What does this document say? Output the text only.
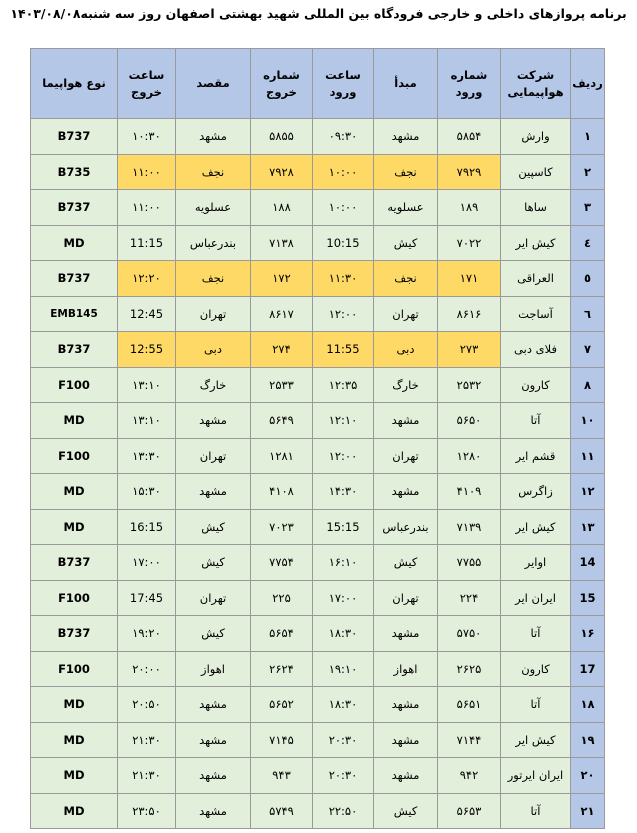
برنامه پروازهای داخلی و خارجی فرودگاه بین المللی شهید بهشتی اصفهان روز سه شنبه۱۴۰۳/۰۸/۰۸
ردیف	شرکت هواپیمایی	شماره ورود	مبدأ	ساعت ورود	شماره خروج	مقصد	ساعت خروج	نوع هواپیما
۱	وارش	۵۸۵۴	مشهد	۰۹:۳۰	۵۸۵۵	مشهد	۱۰:۳۰	B737
۲	کاسپین	۷۹۲۹	نجف	۱۰:۰۰	۷۹۲۸	نجف	۱۱:۰۰	B735
۳	ساها	۱۸۹	عسلویه	۱۰:۰۰	۱۸۸	عسلویه	۱۱:۰۰	B737
٤	کیش ایر	۷۰۲۲	کیش	10:15	۷۱۳۸	بندرعباس	11:15	MD
٥	العراقی	۱۷۱	نجف	۱۱:۳۰	۱۷۲	نجف	۱۲:۲۰	B737
٦	آساجت	۸۶۱۶	تهران	۱۲:۰۰	۸۶۱۷	تهران	12:45	EMB145
۷	فلای دبی	۲۷۳	دبی	11:55	۲۷۴	دبی	12:55	B737
۸	کارون	۲۵۳۲	خارگ	۱۲:۳۵	۲۵۳۳	خارگ	۱۳:۱۰	F100
۱۰	آتا	۵۶۵۰	مشهد	۱۲:۱۰	۵۶۴۹	مشهد	۱۳:۱۰	MD
۱۱	قشم ایر	۱۲۸۰	تهران	۱۲:۰۰	۱۲۸۱	تهران	۱۳:۳۰	F100
۱۲	زاگرس	۴۱۰۹	مشهد	۱۴:۳۰	۴۱۰۸	مشهد	۱۵:۳۰	MD
۱۳	کیش ایر	۷۱۳۹	بندرعباس	15:15	۷۰۲۳	کیش	16:15	MD
14	اوایر	۷۷۵۵	کیش	۱۶:۱۰	۷۷۵۴	کیش	۱۷:۰۰	B737
15	ایران ایر	۲۲۴	تهران	۱۷:۰۰	۲۲۵	تهران	17:45	F100
۱۶	آتا	۵۷۵۰	مشهد	۱۸:۳۰	۵۶۵۴	کیش	۱۹:۲۰	B737
17	کارون	۲۶۲۵	اهواز	۱۹:۱۰	۲۶۲۴	اهواز	۲۰:۰۰	F100
۱۸	آتا	۵۶۵۱	مشهد	۱۸:۳۰	۵۶۵۲	مشهد	۲۰:۵۰	MD
۱۹	کیش ایر	۷۱۴۴	مشهد	۲۰:۳۰	۷۱۴۵	مشهد	۲۱:۳۰	MD
۲۰	ایران ایرتور	۹۴۲	مشهد	۲۰:۳۰	۹۴۳	مشهد	۲۱:۳۰	MD
۲۱	آتا	۵۶۵۳	کیش	۲۲:۵۰	۵۷۴۹	مشهد	۲۳:۵۰	MD
